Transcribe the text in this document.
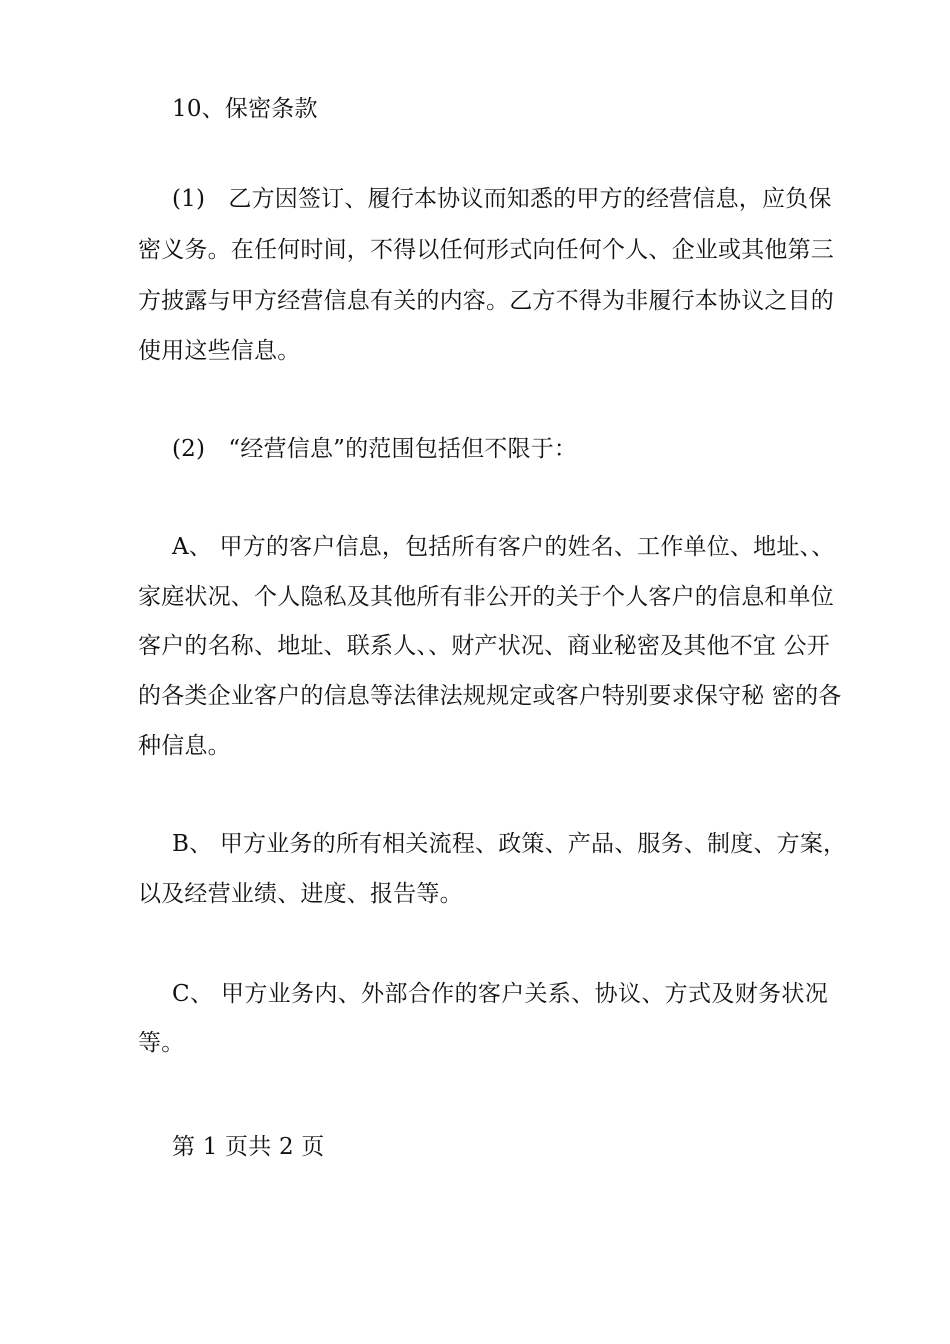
10、保密条款
(1)　乙方因签订、履行本协议而知悉的甲方的经营信息，应负保
密义务。在任何时间，不得以任何形式向任何个人、企业或其他第三
方披露与甲方经营信息有关的内容。乙方不得为非履行本协议之目的
使用这些信息。
(2)　“经营信息”的范围包括但不限于：
A、 甲方的客户信息，包括所有客户的姓名、工作单位、地址、、
家庭状况、个人隐私及其他所有非公开的关于个人客户的信息和单位
客户的名称、地址、联系人、、财产状况、商业秘密及其他不宜 公开
的各类企业客户的信息等法律法规规定或客户特别要求保守秘 密的各
种信息。
B、 甲方业务的所有相关流程、政策、产品、服务、制度、方案，
以及经营业绩、进度、报告等。
C、 甲方业务内、外部合作的客户关系、协议、方式及财务状况
等。
第 1 页共 2 页
